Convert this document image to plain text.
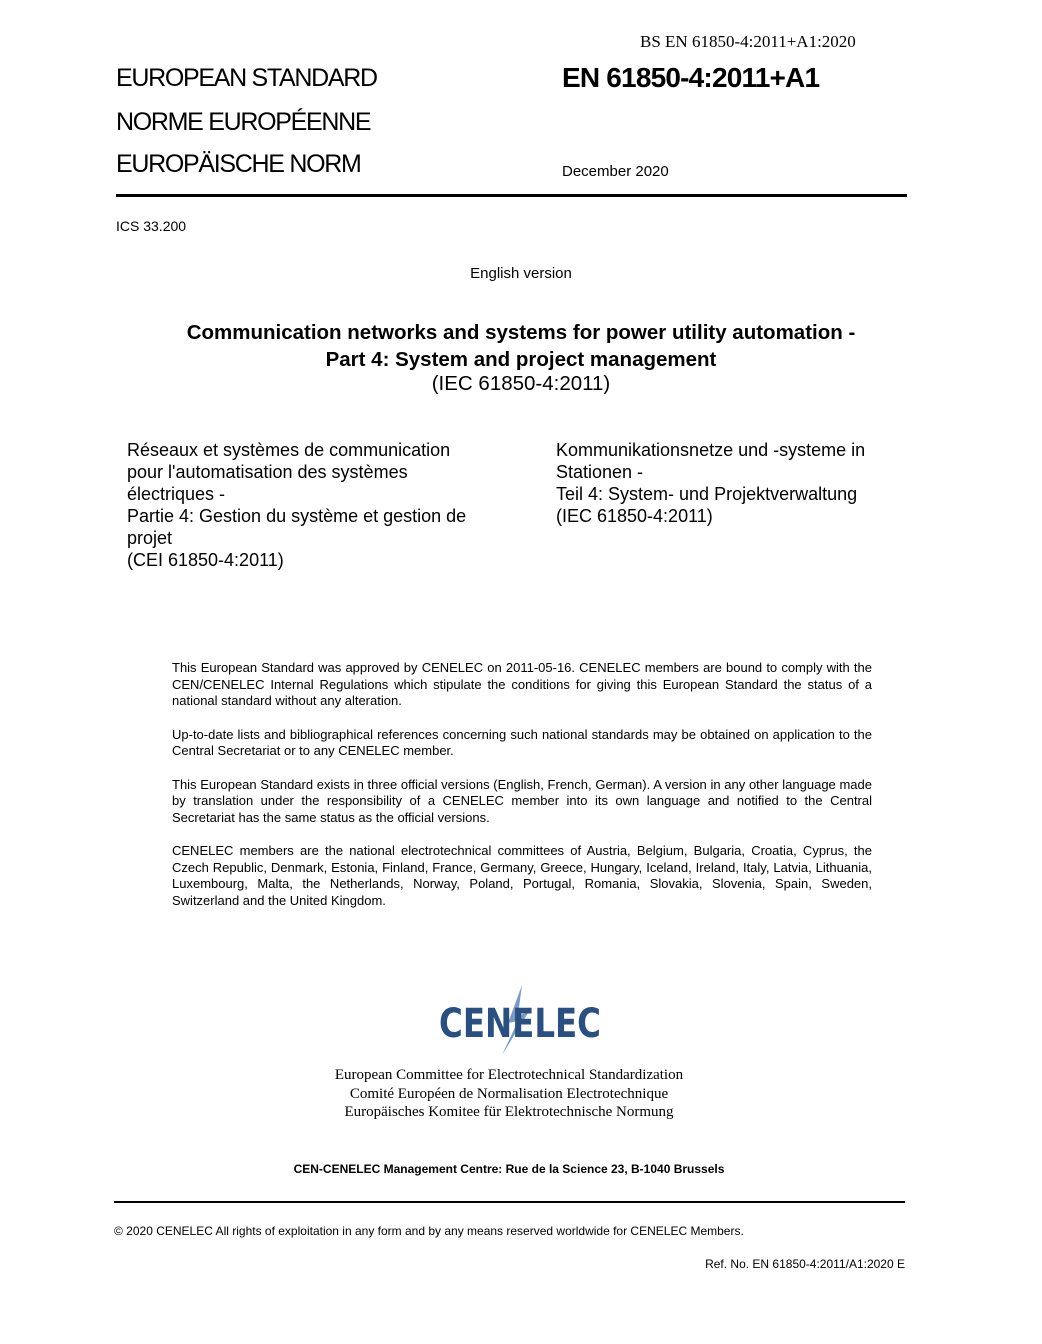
BS EN 61850-4:2011+A1:2020
EUROPEAN STANDARD
NORME EUROPÉENNE
EUROPÄISCHE NORM
EN 61850-4:2011+A1
December 2020
ICS 33.200
English version
Communication networks and systems for power utility automation -
Part 4: System and project management
(IEC 61850-4:2011)
Réseaux et systèmes de communication
pour l'automatisation des systèmes
électriques -
Partie 4: Gestion du système et gestion de
projet
(CEI 61850-4:2011)
Kommunikationsnetze und -systeme in
Stationen -
Teil 4: System- und Projektverwaltung
(IEC 61850-4:2011)

This European Standard was approved by CENELEC on 2011-05-16. CENELEC members are bound to comply with the CEN/CENELEC Internal Regulations which stipulate the conditions for giving this European Standard the status of a national standard without any alteration.

Up-to-date lists and bibliographical references concerning such national standards may be obtained on application to the Central Secretariat or to any CENELEC member.

This European Standard exists in three official versions (English, French, German). A version in any other language made by translation under the responsibility of a CENELEC member into its own language and notified to the Central Secretariat has the same status as the official versions.

CENELEC members are the national electrotechnical committees of Austria, Belgium, Bulgaria, Croatia, Cyprus, the Czech Republic, Denmark, Estonia, Finland, France, Germany, Greece, Hungary, Iceland, Ireland, Italy, Latvia, Lithuania, Luxembourg, Malta, the Netherlands, Norway, Poland, Portugal, Romania, Slovakia, Slovenia, Spain, Sweden, Switzerland and the United Kingdom.

CENELEC
European Committee for Electrotechnical Standardization
Comité Européen de Normalisation Electrotechnique
Europäisches Komitee für Elektrotechnische Normung
CEN-CENELEC Management Centre: Rue de la Science 23, B-1040 Brussels
© 2020 CENELEC All rights of exploitation in any form and by any means reserved worldwide for CENELEC Members.
Ref. No. EN 61850-4:2011/A1:2020 E
